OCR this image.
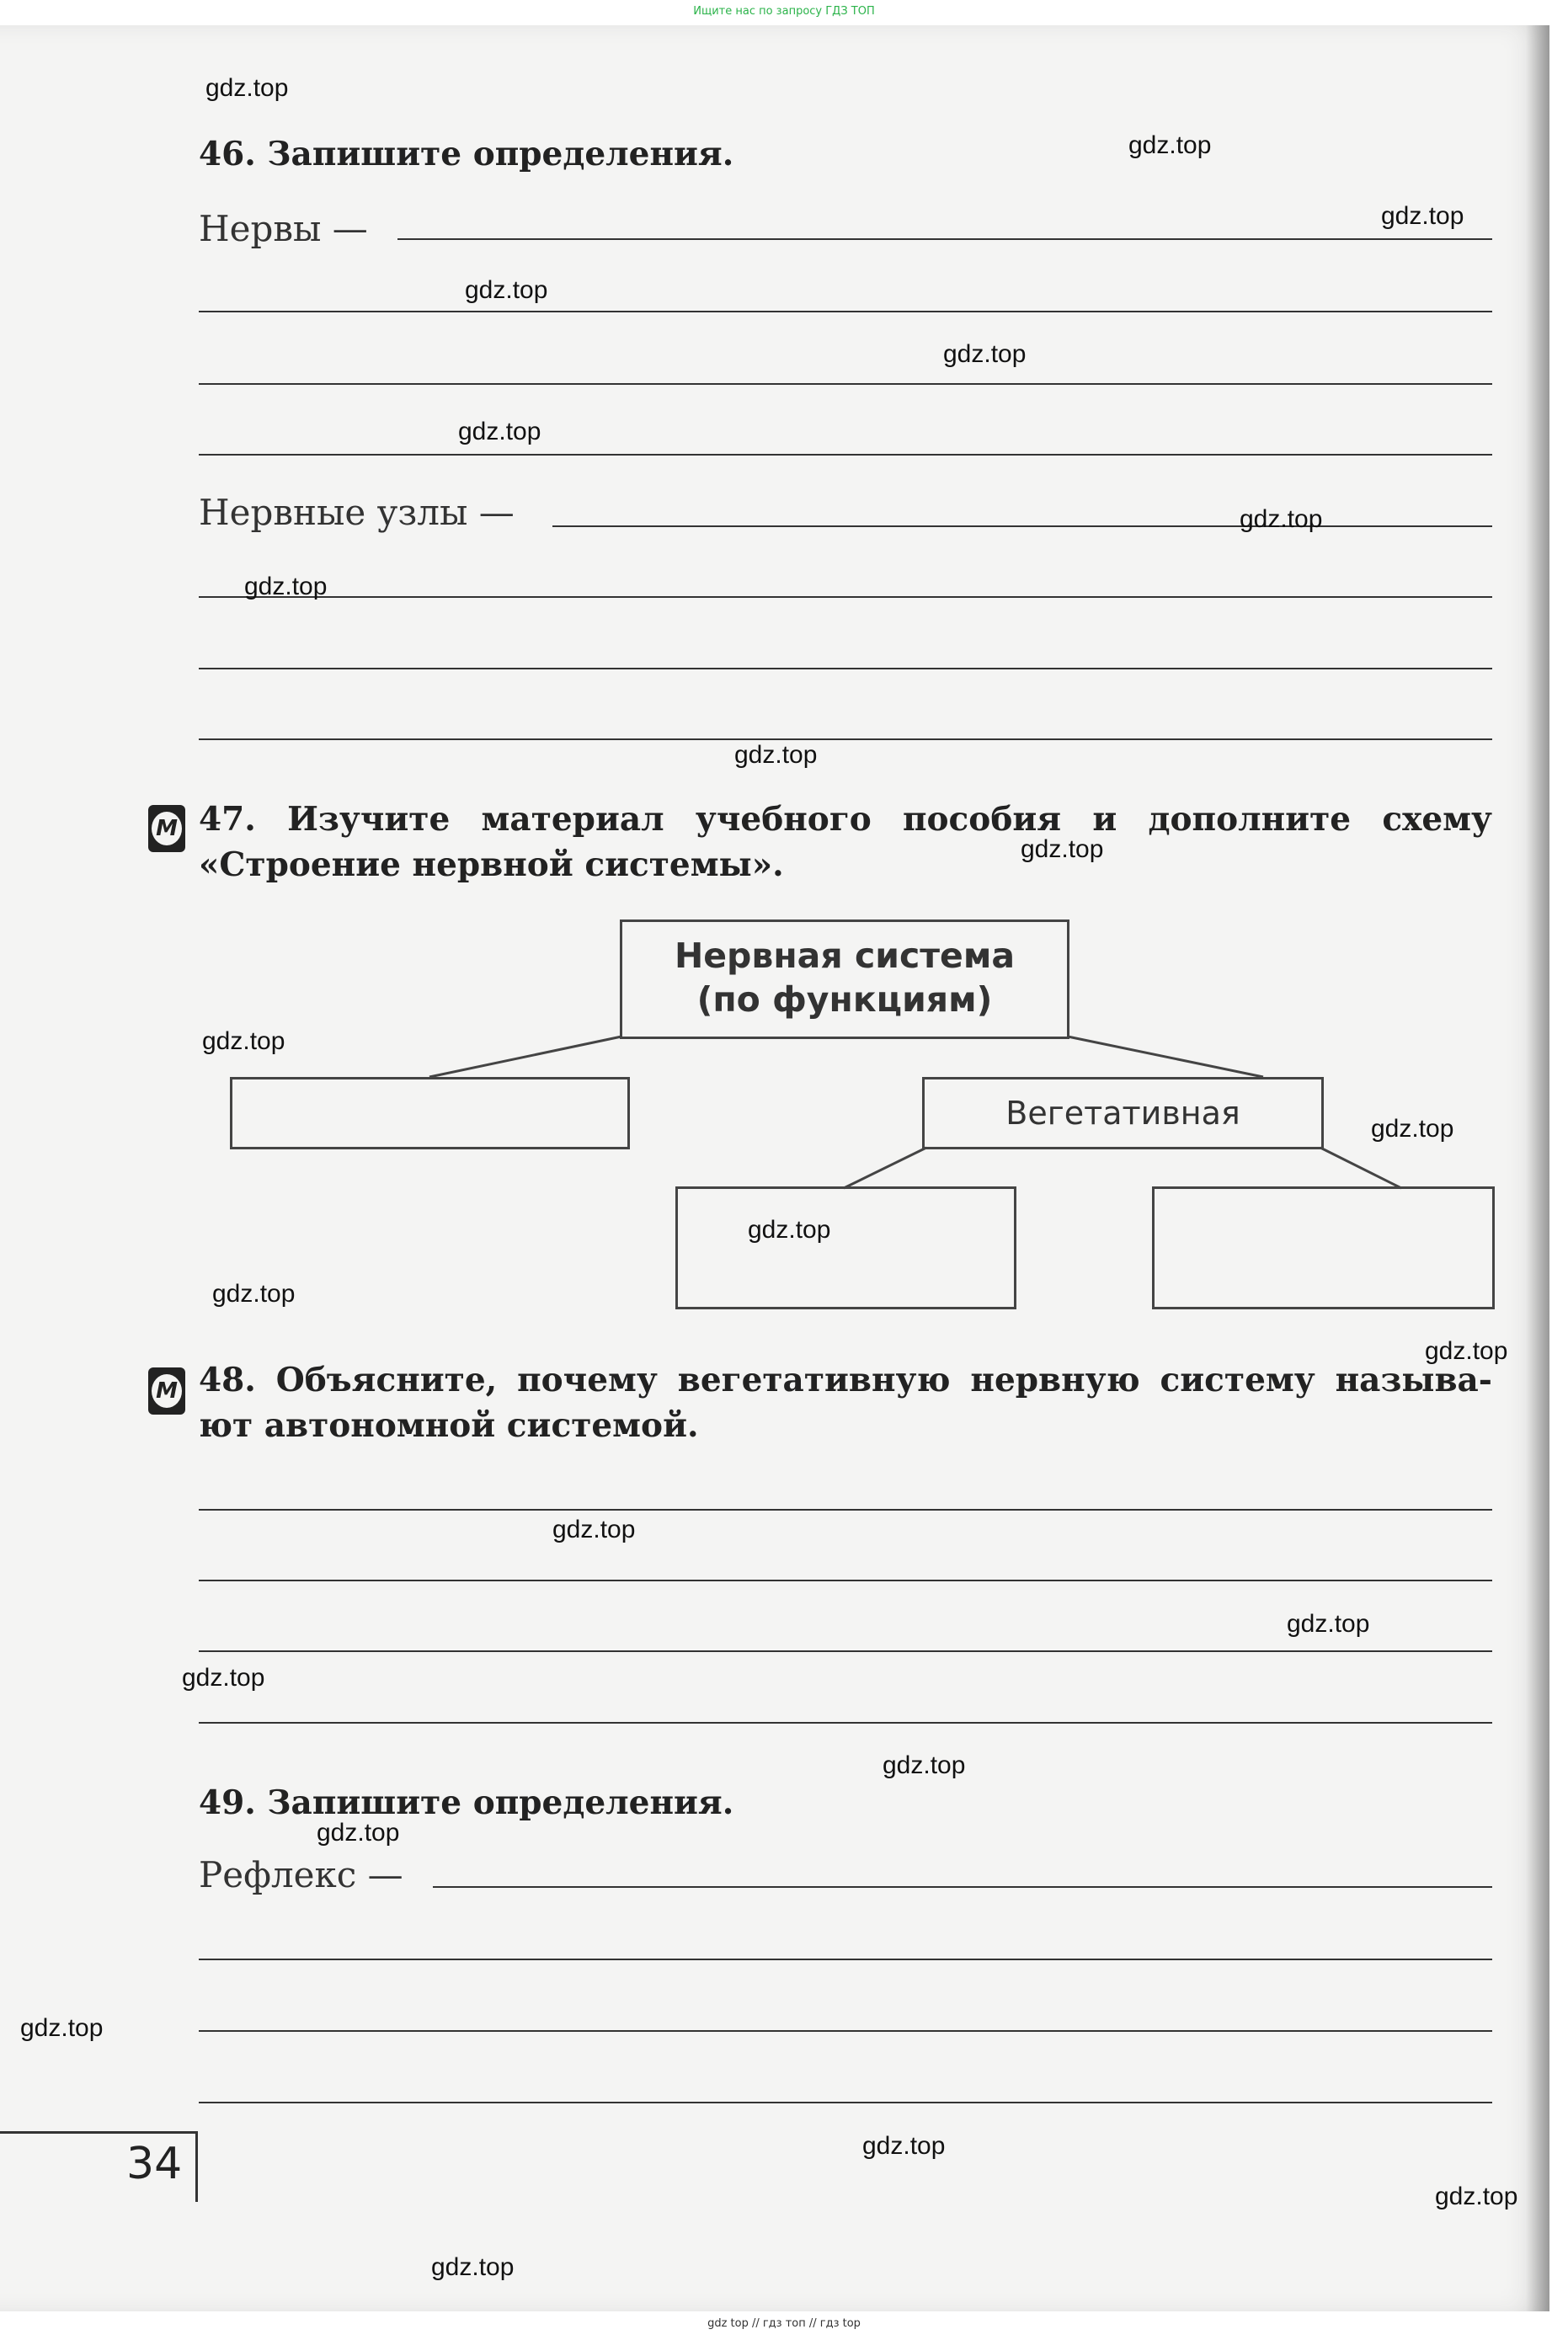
Ищите нас по запросу ГДЗ ТОП
46. Запишите определения.
Нервы —
Нервные узлы —
М 47. Изучите материал учебного пособия и дополните схему
«Строение нервной системы».
Нервная система
(по функциям)
Вегетативная
М 48. Объясните, почему вегетативную нервную систему называ-
ют автономной системой.
49. Запишите определения.
Рефлекс —
34
gdz.top
gdz.top
gdz.top
gdz.top
gdz.top
gdz.top
gdz.top
gdz.top
gdz.top
gdz.top
gdz.top
gdz.top
gdz.top
gdz.top
gdz.top
gdz.top
gdz.top
gdz.top
gdz.top
gdz.top
gdz.top
gdz.top
gdz.top
gdz.top
gdz top // гдз топ // гдз top
